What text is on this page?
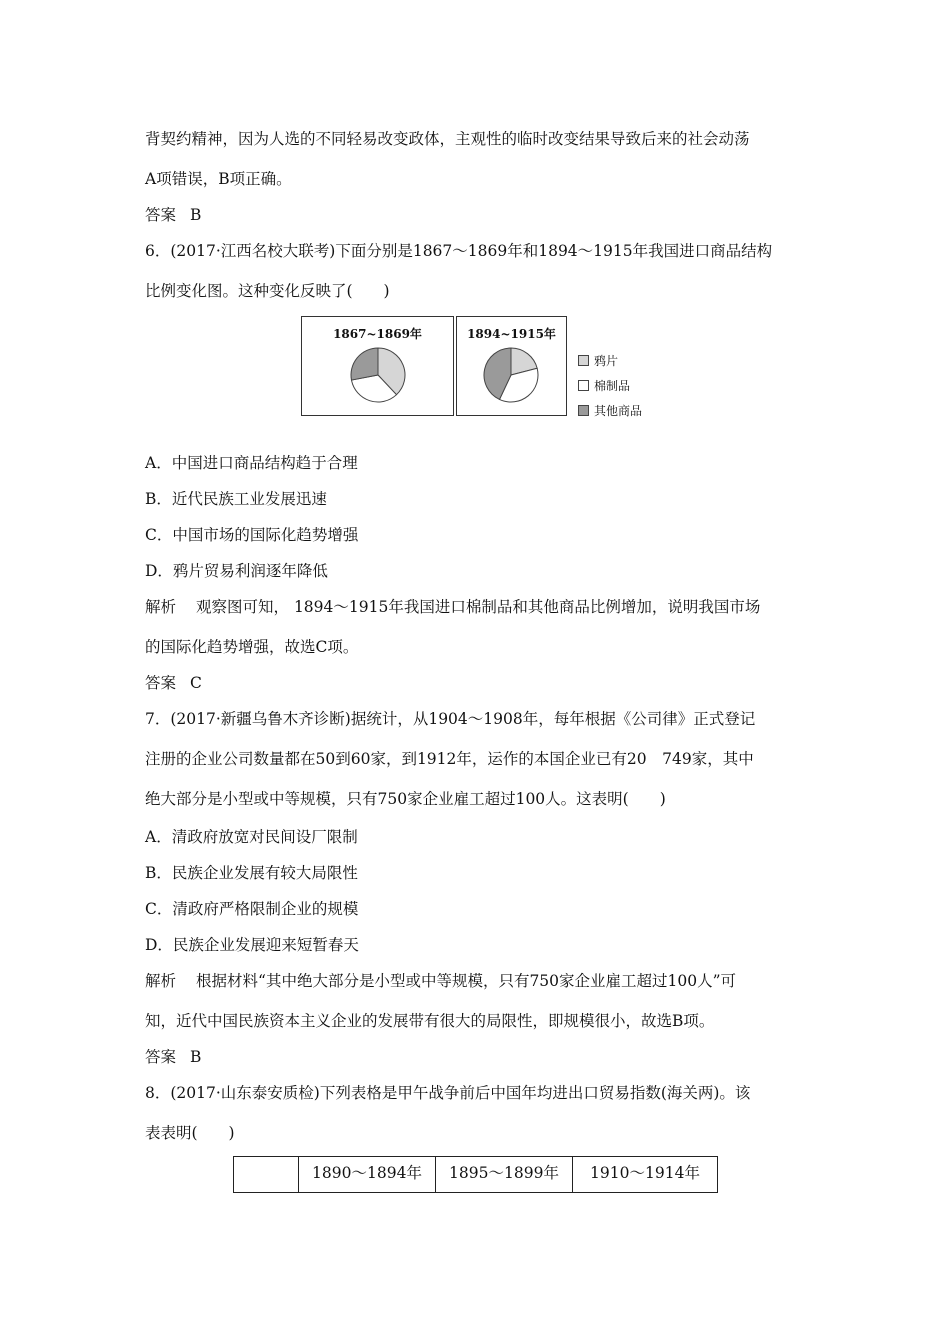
背契约精神，因为人选的不同轻易改变政体，主观性的临时改变结果导致后来的社会动荡
A项错误，B项正确。
答案 B
6．(2017·江西名校大联考)下面分别是1867～1869年和1894～1915年我国进口商品结构
比例变化图。这种变化反映了(　　)
1867~1869年	1894~1915年
鸦片
棉制品
其他商品
A．中国进口商品结构趋于合理
B．近代民族工业发展迅速
C．中国市场的国际化趋势增强
D．鸦片贸易利润逐年降低
解析 观察图可知， 1894～1915年我国进口棉制品和其他商品比例增加，说明我国市场
的国际化趋势增强，故选C项。
答案 C
7．(2017·新疆乌鲁木齐诊断)据统计，从1904～1908年，每年根据《公司律》正式登记
注册的企业公司数量都在50到60家，到1912年，运作的本国企业已有20　749家，其中
绝大部分是小型或中等规模，只有750家企业雇工超过100人。这表明(　　)
A．清政府放宽对民间设厂限制
B．民族企业发展有较大局限性
C．清政府严格限制企业的规模
D．民族企业发展迎来短暂春天
解析 根据材料“其中绝大部分是小型或中等规模，只有750家企业雇工超过100人”可
知，近代中国民族资本主义企业的发展带有很大的局限性，即规模很小，故选B项。
答案 B
8．(2017·山东泰安质检)下列表格是甲午战争前后中国年均进出口贸易指数(海关两)。该
表表明(　　)
	1890～1894年	1895～1899年	1910～1914年
